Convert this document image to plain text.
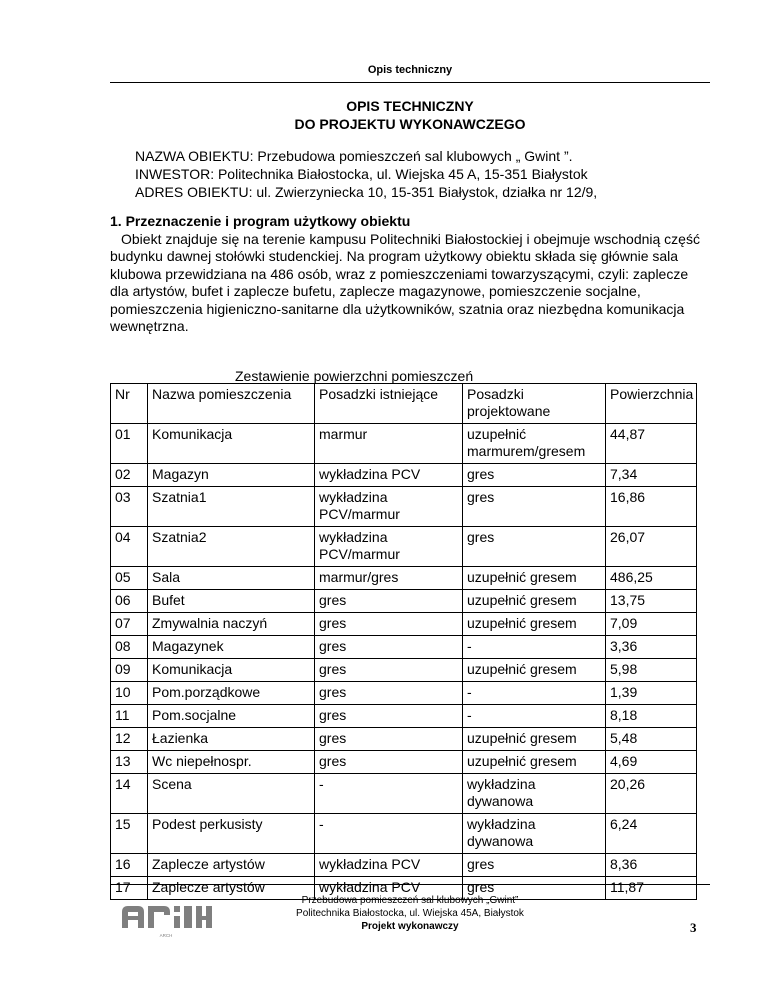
Opis techniczny
OPIS TECHNICZNY
DO PROJEKTU WYKONAWCZEGO
NAZWA OBIEKTU: Przebudowa pomieszczeń sal klubowych „ Gwint ”.
INWESTOR: Politechnika Białostocka, ul. Wiejska 45 A, 15-351 Białystok
ADRES OBIEKTU: ul. Zwierzyniecka 10, 15-351 Białystok, działka nr 12/9,
1. Przeznaczenie i program użytkowy obiektu
Obiekt znajduje się na terenie kampusu Politechniki Białostockiej i obejmuje wschodnią część budynku dawnej stołówki studenckiej. Na program użytkowy obiektu składa się głównie sala klubowa przewidziana na 486 osób, wraz z pomieszczeniami towarzyszącymi, czyli: zaplecze dla artystów, bufet i zaplecze bufetu, zaplecze magazynowe, pomieszczenie socjalne, pomieszczenia higieniczno-sanitarne dla użytkowników, szatnia oraz niezbędna komunikacja wewnętrzna.
Zestawienie powierzchni pomieszczeń
Nr	Nazwa pomieszczenia	Posadzki istniejące	Posadzki projektowane	Powierzchnia
01	Komunikacja	marmur	uzupełnić marmurem/gresem	44,87
02	Magazyn	wykładzina PCV	gres	7,34
03	Szatnia1	wykładzina PCV/marmur	gres	16,86
04	Szatnia2	wykładzina PCV/marmur	gres	26,07
05	Sala	marmur/gres	uzupełnić gresem	486,25
06	Bufet	gres	uzupełnić gresem	13,75
07	Zmywalnia naczyń	gres	uzupełnić gresem	7,09
08	Magazynek	gres	-	3,36
09	Komunikacja	gres	uzupełnić gresem	5,98
10	Pom.porządkowe	gres	-	1,39
11	Pom.socjalne	gres	-	8,18
12	Łazienka	gres	uzupełnić gresem	5,48
13	Wc niepełnospr.	gres	uzupełnić gresem	4,69
14	Scena	-	wykładzina dywanowa	20,26
15	Podest perkusisty	-	wykładzina dywanowa	6,24
16	Zaplecze artystów	wykładzina PCV	gres	8,36
17	Zaplecze artystów	wykładzina PCV	gres	11,87
ARCH
Przebudowa pomieszczeń sal klubowych „Gwint”
Politechnika Białostocka, ul. Wiejska 45A, Białystok
Projekt wykonawczy	3
